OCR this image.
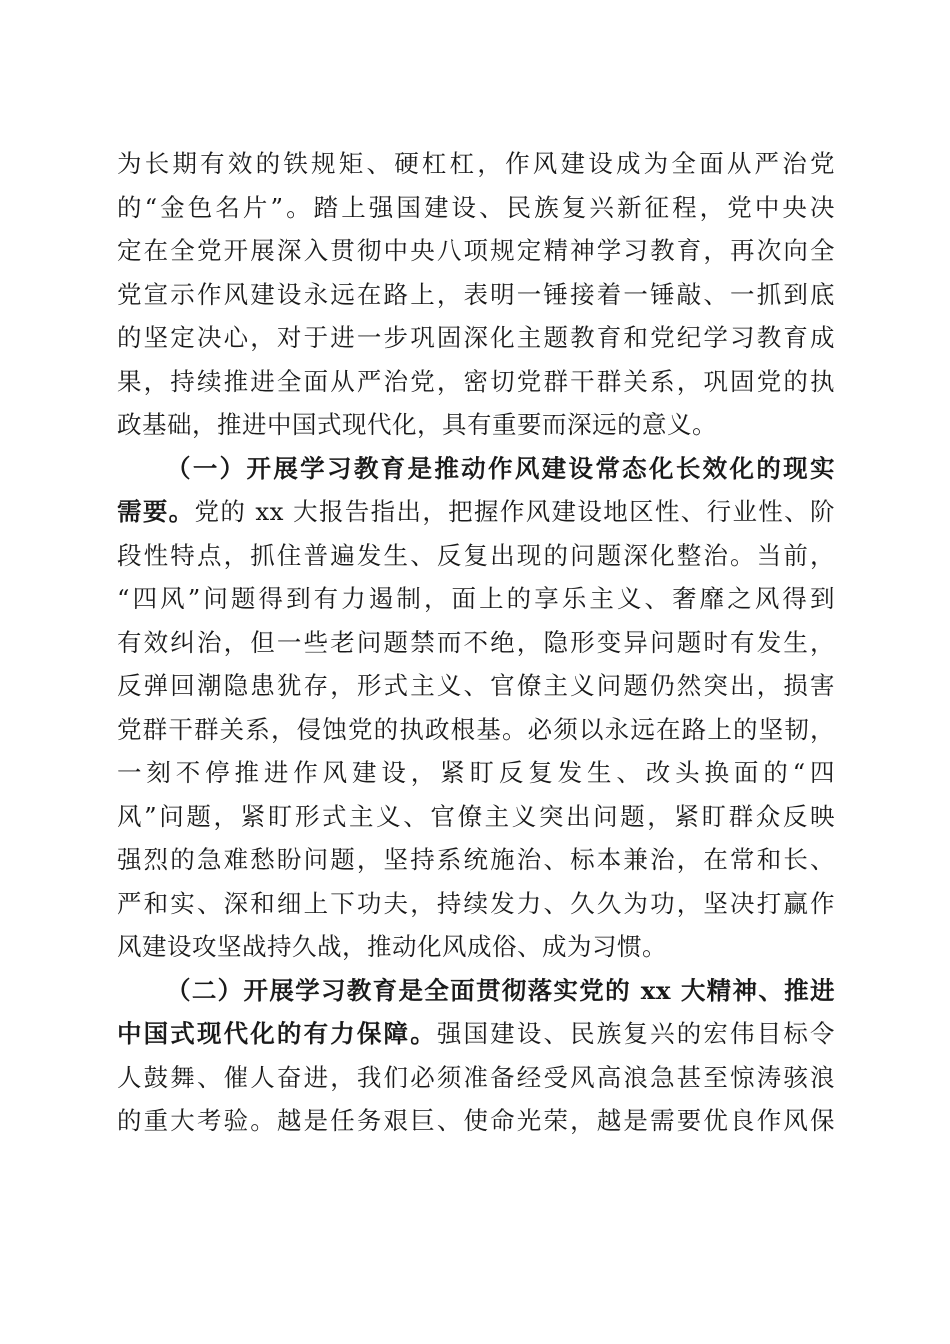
为长期有效的铁规矩、硬杠杠，作风建设成为全面从严治党
的“金色名片”。踏上强国建设、民族复兴新征程，党中央决
定在全党开展深入贯彻中央八项规定精神学习教育，再次向全
党宣示作风建设永远在路上，表明一锤接着一锤敲、一抓到底
的坚定决心，对于进一步巩固深化主题教育和党纪学习教育成
果，持续推进全面从严治党，密切党群干群关系，巩固党的执
政基础，推进中国式现代化，具有重要而深远的意义。
（一）开展学习教育是推动作风建设常态化长效化的现实
需要。党的 xx 大报告指出，把握作风建设地区性、行业性、阶
段性特点，抓住普遍发生、反复出现的问题深化整治。当前，
“四风”问题得到有力遏制，面上的享乐主义、奢靡之风得到
有效纠治，但一些老问题禁而不绝，隐形变异问题时有发生，
反弹回潮隐患犹存，形式主义、官僚主义问题仍然突出，损害
党群干群关系，侵蚀党的执政根基。必须以永远在路上的坚韧，
一刻不停推进作风建设，紧盯反复发生、改头换面的“四
风”问题，紧盯形式主义、官僚主义突出问题，紧盯群众反映
强烈的急难愁盼问题，坚持系统施治、标本兼治，在常和长、
严和实、深和细上下功夫，持续发力、久久为功，坚决打赢作
风建设攻坚战持久战，推动化风成俗、成为习惯。
（二）开展学习教育是全面贯彻落实党的 xx 大精神、推进
中国式现代化的有力保障。强国建设、民族复兴的宏伟目标令
人鼓舞、催人奋进，我们必须准备经受风高浪急甚至惊涛骇浪
的重大考验。越是任务艰巨、使命光荣，越是需要优良作风保
